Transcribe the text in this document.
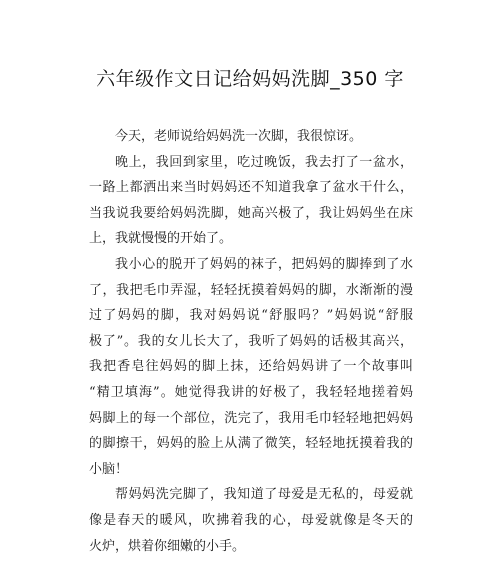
六年级作文日记给妈妈洗脚_350 字
今天，老师说给妈妈洗一次脚，我很惊讶。
晚上，我回到家里，吃过晚饭，我去打了一盆水，
一路上都洒出来当时妈妈还不知道我拿了盆水干什么，
当我说我要给妈妈洗脚，她高兴极了，我让妈妈坐在床
上，我就慢慢的开始了。
我小心的脱开了妈妈的袜子，把妈妈的脚捧到了水
了，我把毛巾弄湿，轻轻抚摸着妈妈的脚，水渐渐的漫
过了妈妈的脚，我对妈妈说“舒服吗？”妈妈说“舒服
极了”。我的女儿长大了，我听了妈妈的话极其高兴，
我把香皂往妈妈的脚上抹，还给妈妈讲了一个故事叫
“精卫填海”。她觉得我讲的好极了，我轻轻地搓着妈
妈脚上的每一个部位，洗完了，我用毛巾轻轻地把妈妈
的脚擦干，妈妈的脸上从满了微笑，轻轻地抚摸着我的
小脑！
帮妈妈洗完脚了，我知道了母爱是无私的，母爱就
像是春天的暖风，吹拂着我的心，母爱就像是冬天的
火炉，烘着你细嫩的小手。
